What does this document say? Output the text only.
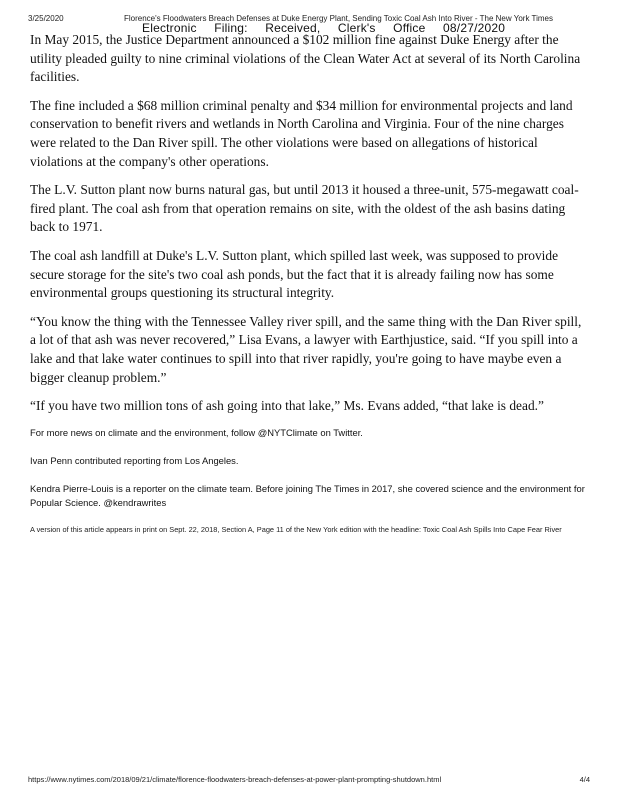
3/25/2020	Florence's Floodwaters Breach Defenses at Duke Energy Plant, Sending Toxic Coal Ash Into River - The New York Times
Electronic Filing: Received, Clerk's Office 08/27/2020

In May 2015, the Justice Department announced a $102 million fine against Duke Energy after the utility pleaded guilty to nine criminal violations of the Clean Water Act at several of its North Carolina facilities.

The fine included a $68 million criminal penalty and $34 million for environmental projects and land conservation to benefit rivers and wetlands in North Carolina and Virginia. Four of the nine charges were related to the Dan River spill. The other violations were based on allegations of historical violations at the company's other operations.

The L.V. Sutton plant now burns natural gas, but until 2013 it housed a three-unit, 575-megawatt coal-fired plant. The coal ash from that operation remains on site, with the oldest of the ash basins dating back to 1971.

The coal ash landfill at Duke's L.V. Sutton plant, which spilled last week, was supposed to provide secure storage for the site's two coal ash ponds, but the fact that it is already failing now has some environmental groups questioning its structural integrity.

“You know the thing with the Tennessee Valley river spill, and the same thing with the Dan River spill, a lot of that ash was never recovered,” Lisa Evans, a lawyer with Earthjustice, said. “If you spill into a lake and that lake water continues to spill into that river rapidly, you're going to have maybe even a bigger cleanup problem.”

“If you have two million tons of ash going into that lake,” Ms. Evans added, “that lake is dead.”

For more news on climate and the environment, follow @NYTClimate on Twitter.

Ivan Penn contributed reporting from Los Angeles.

Kendra Pierre-Louis is a reporter on the climate team. Before joining The Times in 2017, she covered science and the environment for Popular Science. @kendrawrites

A version of this article appears in print on Sept. 22, 2018, Section A, Page 11 of the New York edition with the headline: Toxic Coal Ash Spills Into Cape Fear River

https://www.nytimes.com/2018/09/21/climate/florence-floodwaters-breach-defenses-at-power-plant-prompting-shutdown.html	4/4
